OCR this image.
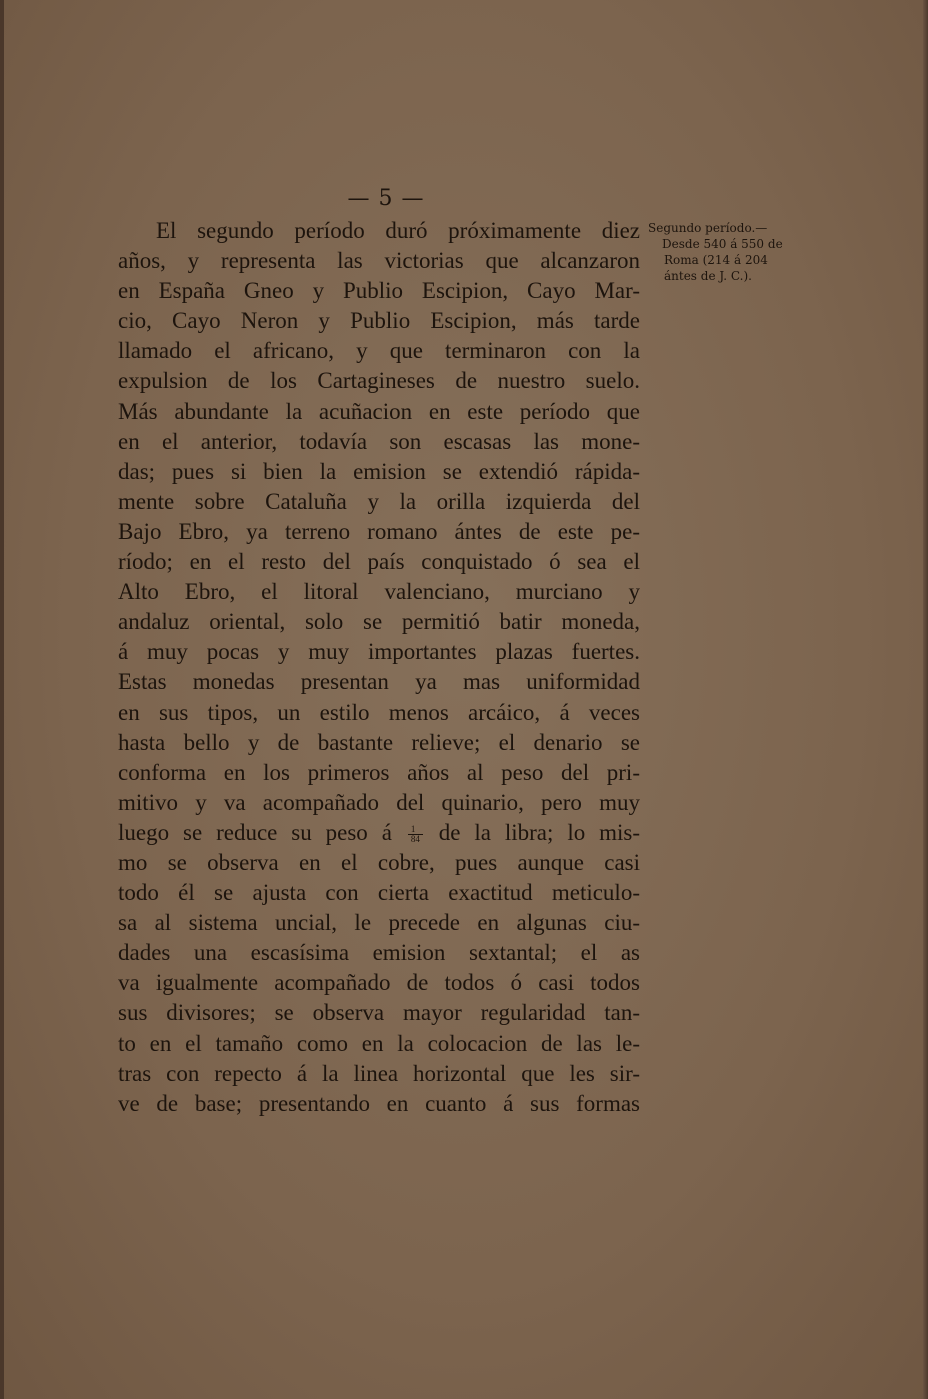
— 5 —
El segundo período duró próximamente diez
años, y representa las victorias que alcanzaron
en España Gneo y Publio Escipion, Cayo Mar-
cio, Cayo Neron y Publio Escipion, más tarde
llamado el africano, y que terminaron con la
expulsion de los Cartagineses de nuestro suelo.
Más abundante la acuñacion en este período que
en el anterior, todavía son escasas las mone-
das; pues si bien la emision se extendió rápida-
mente sobre Cataluña y la orilla izquierda del
Bajo Ebro, ya terreno romano ántes de este pe-
ríodo; en el resto del país conquistado ó sea el
Alto Ebro, el litoral valenciano, murciano y
andaluz oriental, solo se permitió batir moneda,
á muy pocas y muy importantes plazas fuertes.
Estas monedas presentan ya mas uniformidad
en sus tipos, un estilo menos arcáico, á veces
hasta bello y de bastante relieve; el denario se
conforma en los primeros años al peso del pri-
mitivo y va acompañado del quinario, pero muy
luego se reduce su peso á $\frac{1}{84}$ de la libra; lo mis-
mo se observa en el cobre, pues aunque casi
todo él se ajusta con cierta exactitud meticulo-
sa al sistema uncial, le precede en algunas ciu-
dades una escasísima emision sextantal; el as
va igualmente acompañado de todos ó casi todos
sus divisores; se observa mayor regularidad tan-
to en el tamaño como en la colocacion de las le-
tras con repecto á la linea horizontal que les sir-
ve de base; presentando en cuanto á sus formas
Segundo período.—
Desde 540 á 550 de
Roma (214 á 204
ántes de J. C.).
